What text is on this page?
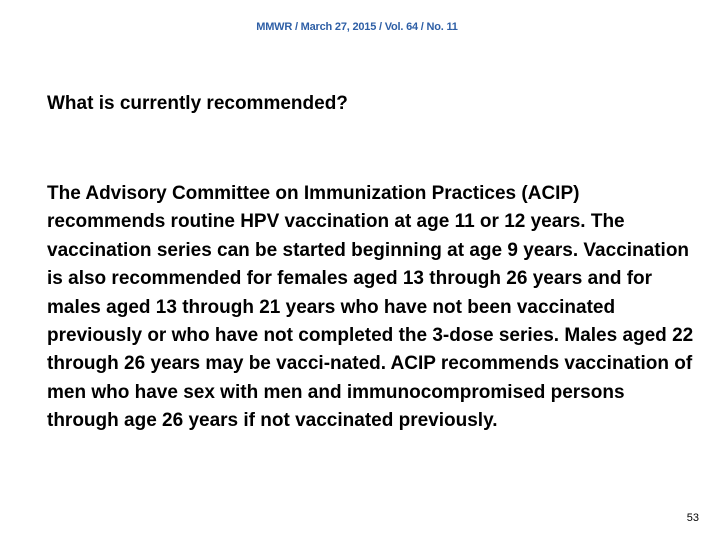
MMWR / March 27, 2015 / Vol. 64 / No. 11

What is currently recommended?

The Advisory Committee on Immunization Practices (ACIP) recommends routine HPV vaccination at age 11 or 12 years. The vaccination series can be started beginning at age 9 years. Vaccination is also recommended for females aged 13 through 26 years and for males aged 13 through 21 years who have not been vaccinated previously or who have not completed the 3-dose series. Males aged 22 through 26 years may be vacci-nated. ACIP recommends vaccination of men who have sex with men and immunocompromised persons through age 26 years if not vaccinated previously.

53
